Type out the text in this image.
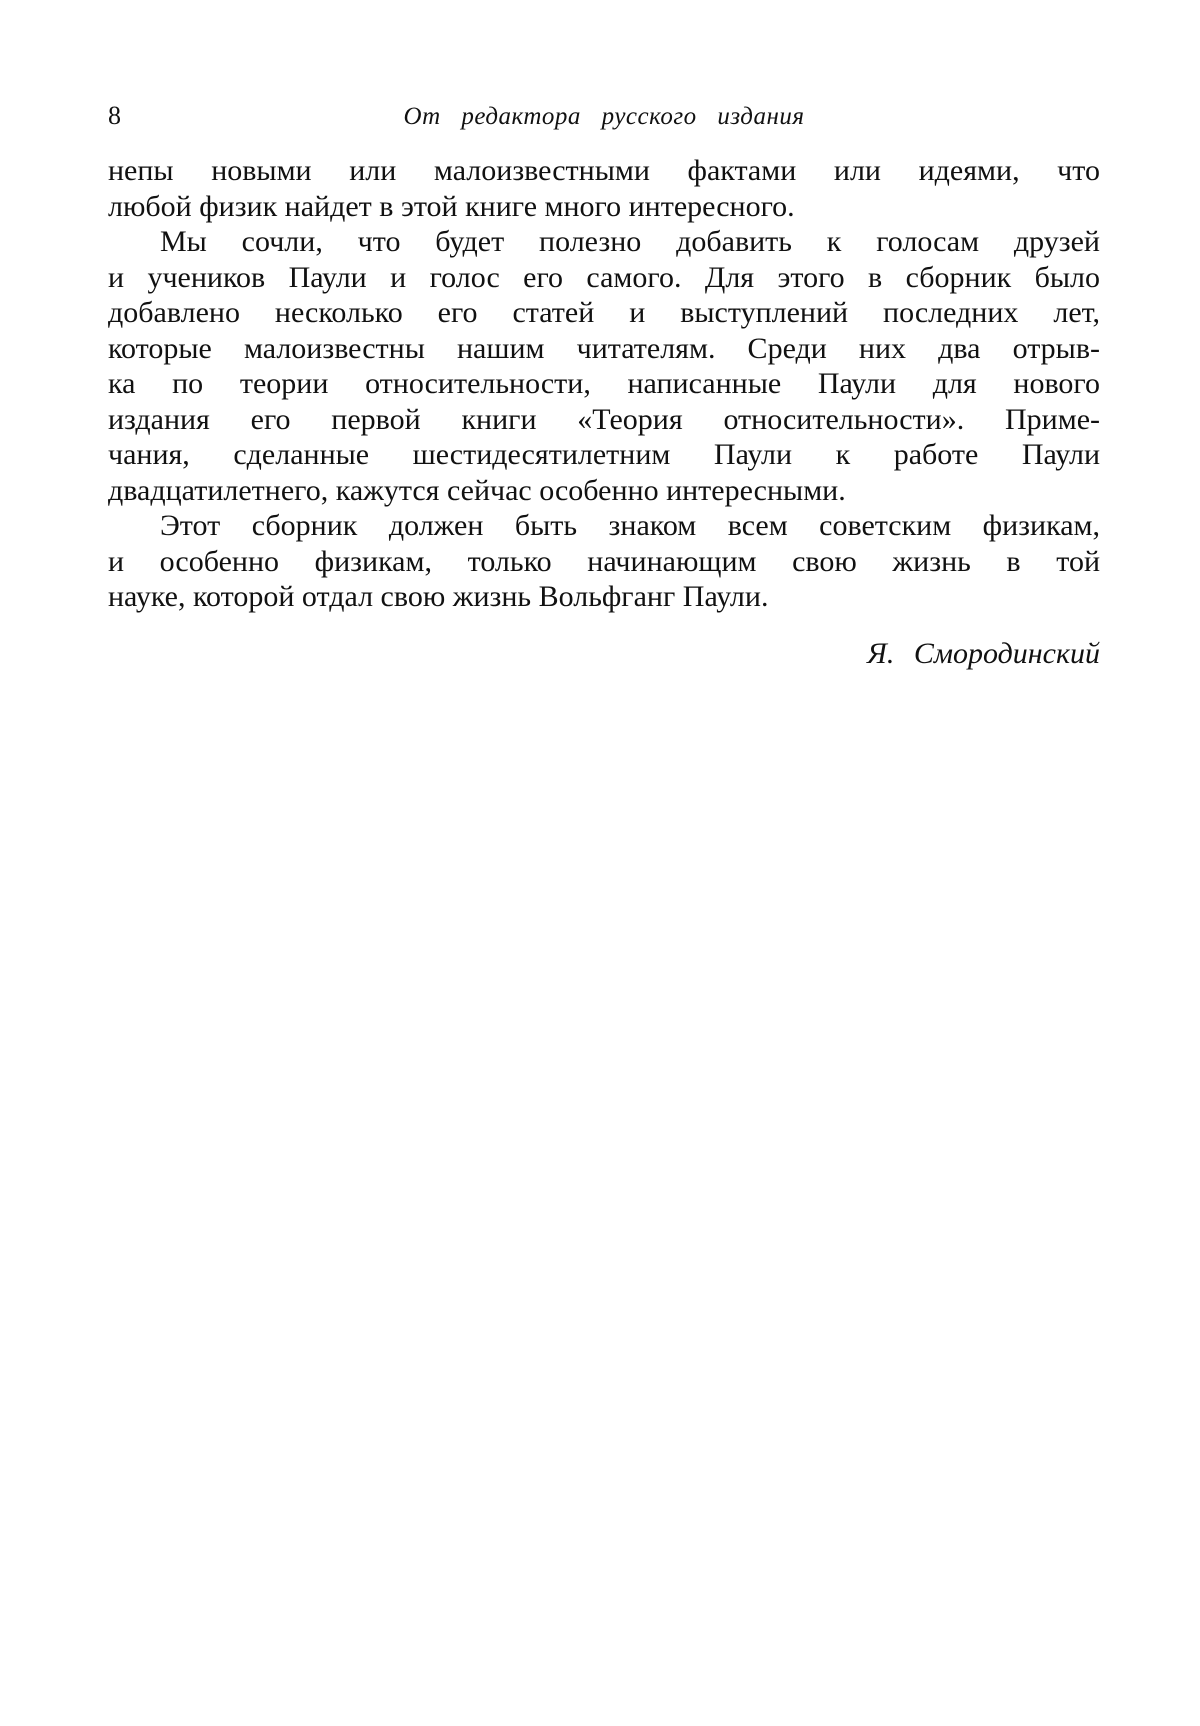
8	От редактора русского издания

непы новыми или малоизвестными фактами или идеями, что
любой физик найдет в этой книге много интересного.

Мы сочли, что будет полезно добавить к голосам друзей
и учеников Паули и голос его самого. Для этого в сборник было
добавлено несколько его статей и выступлений последних лет,
которые малоизвестны нашим читателям. Среди них два отрыв-
ка по теории относительности, написанные Паули для нового
издания его первой книги «Теория относительности». Приме-
чания, сделанные шестидесятилетним Паули к работе Паули
двадцатилетнего, кажутся сейчас особенно интересными.

Этот сборник должен быть знаком всем советским физикам,
и особенно физикам, только начинающим свою жизнь в той
науке, которой отдал свою жизнь Вольфганг Паули.

Я. Смородинский
